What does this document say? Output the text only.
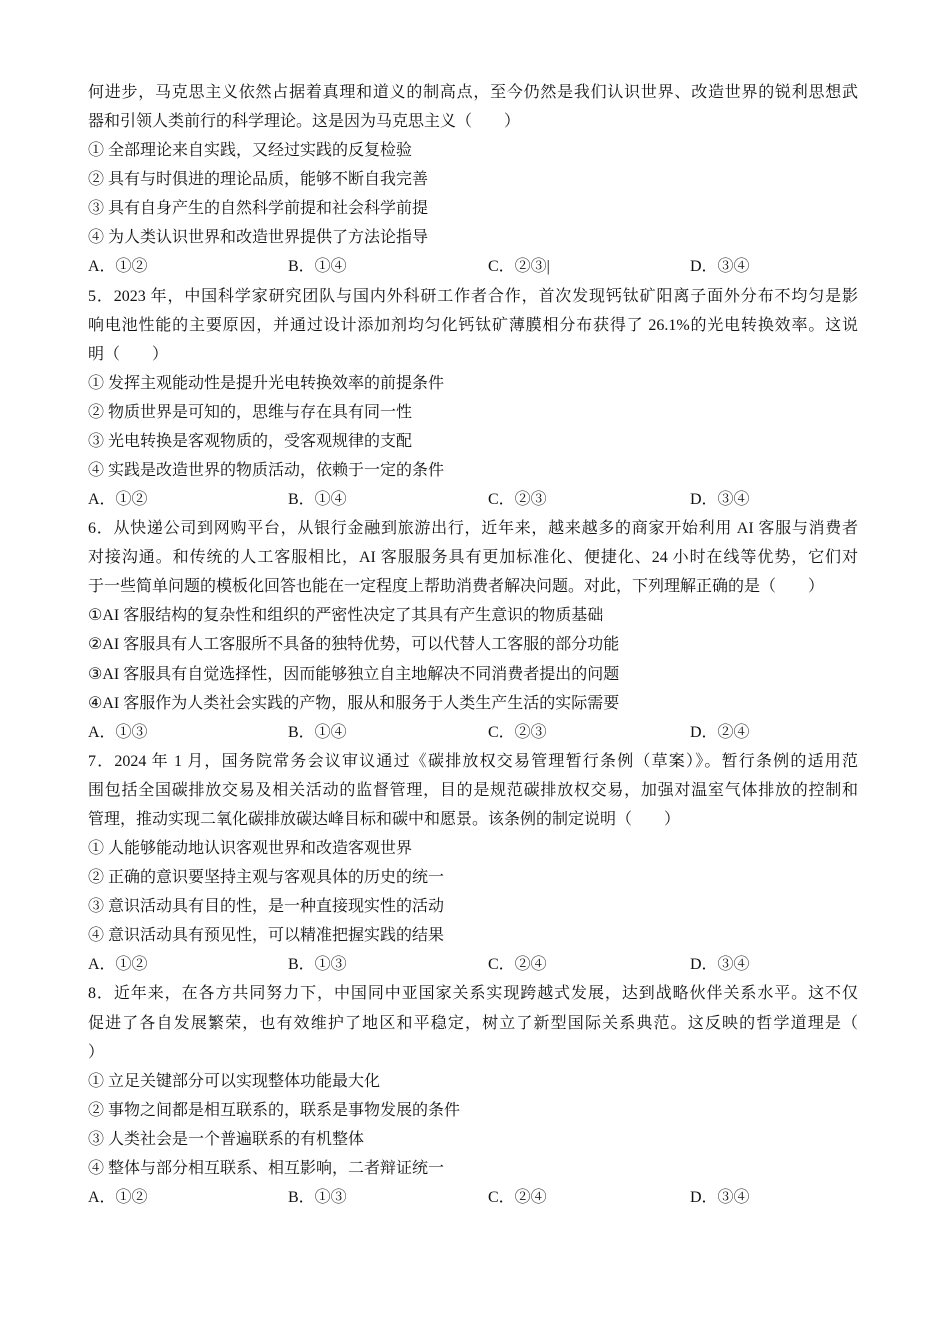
何进步，马克思主义依然占据着真理和道义的制高点，至今仍然是我们认识世界、改造世界的锐利思想武
器和引领人类前行的科学理论。这是因为马克思主义（　　）
① 全部理论来自实践，又经过实践的反复检验
② 具有与时俱进的理论品质，能够不断自我完善
③ 具有自身产生的自然科学前提和社会科学前提
④ 为人类认识世界和改造世界提供了方法论指导
A．①②	B．①④	C．②③|	D．③④
5．2023 年，中国科学家研究团队与国内外科研工作者合作，首次发现钙钛矿阳离子面外分布不均匀是影
响电池性能的主要原因，并通过设计添加剂均匀化钙钛矿薄膜相分布获得了 26.1%的光电转换效率。这说
明（　　）
① 发挥主观能动性是提升光电转换效率的前提条件
② 物质世界是可知的，思维与存在具有同一性
③ 光电转换是客观物质的，受客观规律的支配
④ 实践是改造世界的物质活动，依赖于一定的条件
A．①②	B．①④	C．②③	D．③④
6．从快递公司到网购平台，从银行金融到旅游出行，近年来，越来越多的商家开始利用 AI 客服与消费者
对接沟通。和传统的人工客服相比，AI 客服服务具有更加标准化、便捷化、24 小时在线等优势，它们对
于一些简单问题的模板化回答也能在一定程度上帮助消费者解决问题。对此，下列理解正确的是（　　）
①AI 客服结构的复杂性和组织的严密性决定了其具有产生意识的物质基础
②AI 客服具有人工客服所不具备的独特优势，可以代替人工客服的部分功能
③AI 客服具有自觉选择性，因而能够独立自主地解决不同消费者提出的问题
④AI 客服作为人类社会实践的产物，服从和服务于人类生产生活的实际需要
A．①③	B．①④	C．②③	D．②④
7．2024 年 1 月，国务院常务会议审议通过《碳排放权交易管理暂行条例（草案）》。暂行条例的适用范
围包括全国碳排放交易及相关活动的监督管理，目的是规范碳排放权交易，加强对温室气体排放的控制和
管理，推动实现二氧化碳排放碳达峰目标和碳中和愿景。该条例的制定说明（　　）
① 人能够能动地认识客观世界和改造客观世界
② 正确的意识要坚持主观与客观具体的历史的统一
③ 意识活动具有目的性，是一种直接现实性的活动
④ 意识活动具有预见性，可以精准把握实践的结果
A．①②	B．①③	C．②④	D．③④
8．近年来，在各方共同努力下，中国同中亚国家关系实现跨越式发展，达到战略伙伴关系水平。这不仅
促进了各自发展繁荣，也有效维护了地区和平稳定，树立了新型国际关系典范。这反映的哲学道理是（
）
① 立足关键部分可以实现整体功能最大化
② 事物之间都是相互联系的，联系是事物发展的条件
③ 人类社会是一个普遍联系的有机整体
④ 整体与部分相互联系、相互影响，二者辩证统一
A．①②	B．①③	C．②④	D．③④
